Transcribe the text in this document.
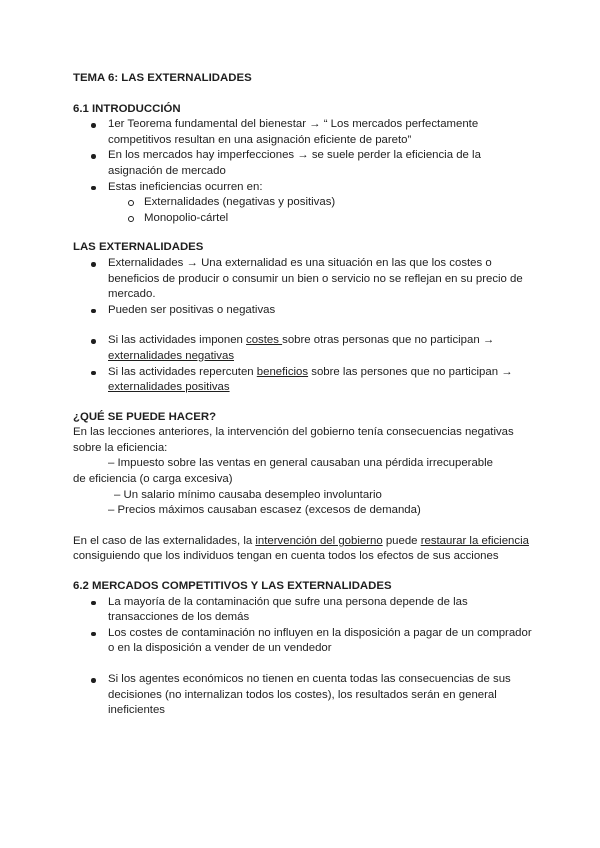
TEMA 6: LAS EXTERNALIDADES
6.1 INTRODUCCIÓN
1er Teorema fundamental del bienestar → “ Los mercados perfectamente competitivos resultan en una asignación eficiente de pareto”
En los mercados hay imperfecciones → se suele perder la eficiencia de la asignación de mercado
Estas ineficiencias ocurren en:
Externalidades (negativas y positivas)
Monopolio-cártel
LAS EXTERNALIDADES
Externalidades → Una externalidad es una situación en las que los costes o beneficios de producir o consumir un bien o servicio no se reflejan en su precio de mercado.
Pueden ser positivas o negativas
Si las actividades imponen costes sobre otras personas que no participan → externalidades negativas
Si las actividades repercuten beneficios sobre las persones que no participan → externalidades positivas
¿QUÉ SE PUEDE HACER?

En las lecciones anteriores, la intervención del gobierno tenía consecuencias negativas sobre la eficiencia:

– Impuesto sobre las ventas en general causaban una pérdida irrecuperable

de eficiencia (o carga excesiva)

– Un salario mínimo causaba desempleo involuntario

– Precios máximos causaban escasez (excesos de demanda)

En el caso de las externalidades, la intervención del gobierno puede restaurar la eficiencia consiguiendo que los individuos tengan en cuenta todos los efectos de sus acciones

6.2 MERCADOS COMPETITIVOS Y LAS EXTERNALIDADES
La mayoría de la contaminación que sufre una persona depende de las transacciones de los demás
Los costes de contaminación no influyen en la disposición a pagar de un comprador o en la disposición a vender de un vendedor
Si los agentes económicos no tienen en cuenta todas las consecuencias de sus decisiones (no internalizan todos los costes), los resultados serán en general ineficientes
